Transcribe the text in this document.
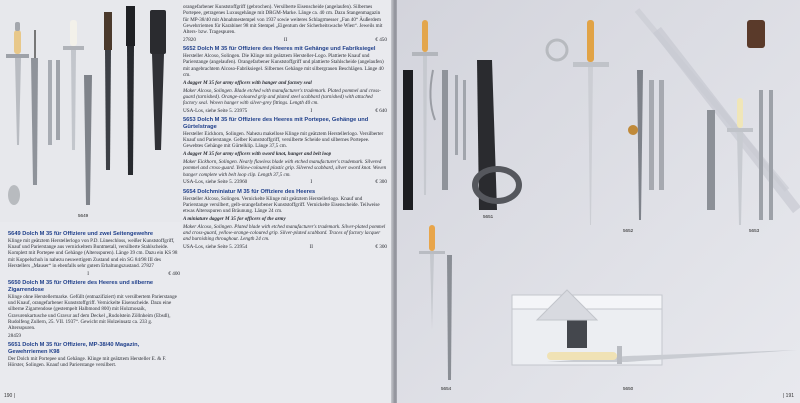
5649
5649 Dolch M 35 für Offiziere und zwei Seitengewehre

Klinge mit geätztem Herstellerlogo von P.D. Lüneschloss, weißer Kunststoffgriff, Knauf und Parierstange aus vernickeltem Buntmetall, versilberte Stahlscheide. Komplett mit Portepee und Gehänge (Altersspuren). Länge 39 cm. Dazu ein KS 98 mit Koppelschuh in nahezu neuwertigem Zustand und ein SG 84/98 III des Herstellers „Mauser“ in ebenfalls sehr gutem Erhaltungszustand. 27827

I	€ 400
5650 Dolch M 35 für Offiziere des Heeres und silberne Zigarrendose

Klinge ohne Herstellermarke. Gefüllt (entnazifiziert) mit versilbertem Parierstange und Knauf, orangefarbener Kunststoffgriff. Vernickelte Eisenscheide. Dazu eine silberne Zigarrendose (gestempelt Halbmond 800) mit Holzmosaik, Gravurenkartusche und Gravur auf dem Deckel „Rudolstein Zöllnheim (Ebsdl), Rudolfeng Zullern, 25. VII. 1937“. Gewicht mit Holzeinsatz ca. 233 g. Altersspuren.

28459
5651 Dolch M 35 für Offiziere, MP-38/40 Magazin, Gewehrriemen K98

Der Dolch mit Portepee und Gehänge. Klinge mit geätztem Hersteller E. & F. Hörster, Solingen. Knauf und Parierstange versilbert.

orangefarbener Kunststoffgriff (gebrochen). Versilberte Eisenscheide (angelaufen). Silbernes Portepee, getragenes Luxusgehänge mit DRGM-Marke. Länge ca. 40 cm. Dazu Stangenmagazin für MP-38/40 mit Abnahmestempel von 1937 sowie weiteres Schlagrmesser „Fan 40“ Äußerdem Gewehrriemen für Karabiner 98 mit Stempel „Eigentum der Sicherheitswache Wien“. Jeweils mit Alters- bzw. Tragespuren.

27820	II	€ 450
5652 Dolch M 35 für Offiziere des Heeres mit Gehänge und Fabriksiegel

Hersteller Alcoso, Solingen. Die Klinge mit geätztem Hersteller-Logo. Plattierte Knauf und Parierstange (angelaufen). Orangefarbener Kunststoffgriff und plattierte Stahlscheide (angelaufen) mit angebrachtem Alcoso-Fabriksiegel. Silbernes Gehänge mit silbergrauen Beschlägen. Länge 40 cm.

A dagger M 35 for army officers with hanger and factory seal

Maker Alcoso, Solingen. Blade etched with manufacturer's trademark. Plated pommel and cross-guard (tarnished). Orange-coloured grip and plated steel scabbard (tarnished) with attached factory seal. Woven hanger with silver-grey fittings. Length 40 cm.

USA-Los, siehe Seite 5. 23975	I	€ 640
5653 Dolch M 35 für Offiziere des Heeres mit Portepee, Gehänge und Gürtelstrage

Hersteller Eickhorn, Solingen. Nahezu makellose Klinge mit geätztem Herstellerlogo. Versilberter Knauf und Parierstange. Gelber Kunststoffgriff, versilberte Scheide und silbernes Portepee. Gewebtes Gehänge mit Gürtelklip. Länge 37,5 cm.

A dagger M 35 for army officers with sword knot, hanger and belt loop

Maker Eickhorn, Solingen. Nearly flawless blade with etched manufacturer's trademark. Silvered pommel and cross-guard. Yellow-coloured plastic grip. Silvered scabbard, silver sword knot. Woven hanger complete with belt loop clip. Length 37,5 cm.

USA-Los, siehe Seite 5. 23960	I	€ 300
5654 Dolchminiatur M 35 für Offiziere des Heeres

Hersteller Alcoso, Solingen. Vernickelte Klinge mit geätztem Herstellerlogo. Knauf und Parierstange versilbert, gelb-orangefarbener Kunststoffgriff. Vernickelte Eisenscheide. Teilweise etwas Altersspuren und Bräunung. Länge 24 cm.

A miniature dagger M 35 for officers of the army

Maker Alcoso, Solingen. Plated blade with etched manufacturer's trademark. Silver-plated pommel and cross-guard, yellow-orange-coloured grip. Silver-plated scabbard. Traces of factory lacquer and burnishing throughout. Length 24 cm.

USA-Los, siehe Seite 5. 23954	II	€ 300
190 |
5651
5652	5653
5654	5650
| 191
